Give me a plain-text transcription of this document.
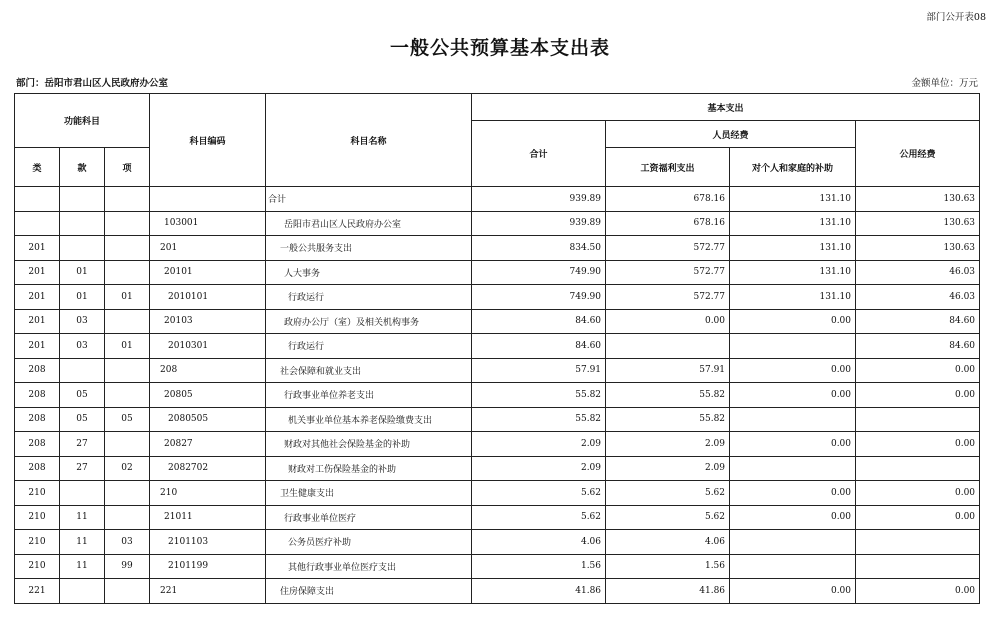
部门公开表08
一般公共预算基本支出表
部门：岳阳市君山区人民政府办公室	金额单位：万元
功能科目			科目编码	科目名称	基本支出			
					合计	人员经费		公用经费
类	款	项				工资福利支出	对个人和家庭的补助	
				合计	939.89	678.16	131.10	130.63
			103001	岳阳市君山区人民政府办公室	939.89	678.16	131.10	130.63
201			201	一般公共服务支出	834.50	572.77	131.10	130.63
201	01		20101	人大事务	749.90	572.77	131.10	46.03
201	01	01	2010101	行政运行	749.90	572.77	131.10	46.03
201	03		20103	政府办公厅（室）及相关机构事务	84.60	0.00	0.00	84.60
201	03	01	2010301	行政运行	84.60			84.60
208			208	社会保障和就业支出	57.91	57.91	0.00	0.00
208	05		20805	行政事业单位养老支出	55.82	55.82	0.00	0.00
208	05	05	2080505	机关事业单位基本养老保险缴费支出	55.82	55.82		
208	27		20827	财政对其他社会保险基金的补助	2.09	2.09	0.00	0.00
208	27	02	2082702	财政对工伤保险基金的补助	2.09	2.09		
210			210	卫生健康支出	5.62	5.62	0.00	0.00
210	11		21011	行政事业单位医疗	5.62	5.62	0.00	0.00
210	11	03	2101103	公务员医疗补助	4.06	4.06		
210	11	99	2101199	其他行政事业单位医疗支出	1.56	1.56		
221			221	住房保障支出	41.86	41.86	0.00	0.00
